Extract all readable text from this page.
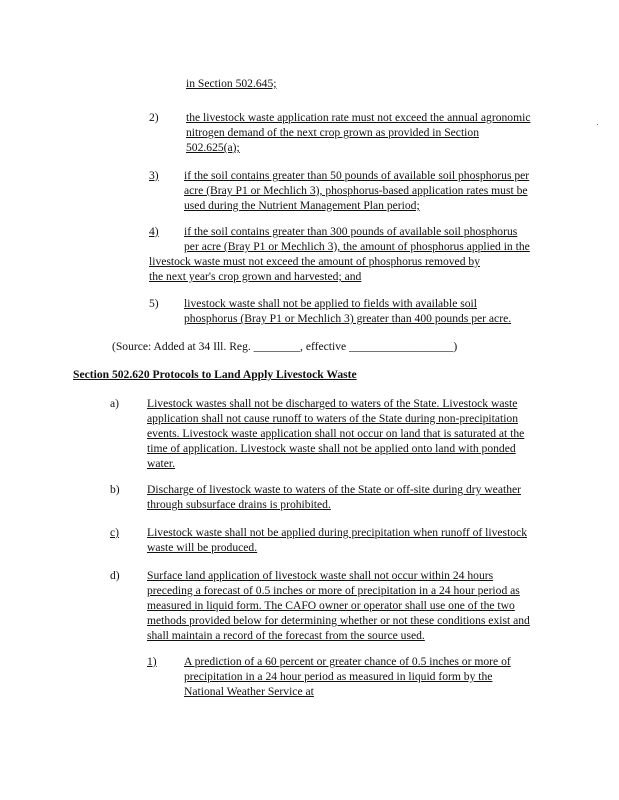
in Section 502.645;
2) the livestock waste application rate must not exceed the annual agronomic
nitrogen demand of the next crop grown as provided in Section
502.625(a);
3) if the soil contains greater than 50 pounds of available soil phosphorus per
acre (Bray P1 or Mechlich 3), phosphorus-based application rates must be
used during the Nutrient Management Plan period;
4) if the soil contains greater than 300 pounds of available soil phosphorus
per acre (Bray P1 or Mechlich 3), the amount of phosphorus applied in the
livestock waste must not exceed the amount of phosphorus removed by
the next year's crop grown and harvested; and
5) livestock waste shall not be applied to fields with available soil
phosphorus (Bray P1 or Mechlich 3) greater than 400 pounds per acre.
(Source: Added at 34 Ill. Reg. ________, effective __________________)
Section 502.620 Protocols to Land Apply Livestock Waste
a) Livestock wastes shall not be discharged to waters of the State. Livestock waste
application shall not cause runoff to waters of the State during non-precipitation
events. Livestock waste application shall not occur on land that is saturated at the
time of application. Livestock waste shall not be applied onto land with ponded
water.
b) Discharge of livestock waste to waters of the State or off-site during dry weather
through subsurface drains is prohibited.
c) Livestock waste shall not be applied during precipitation when runoff of livestock
waste will be produced.
d) Surface land application of livestock waste shall not occur within 24 hours
preceding a forecast of 0.5 inches or more of precipitation in a 24 hour period as
measured in liquid form. The CAFO owner or operator shall use one of the two
methods provided below for determining whether or not these conditions exist and
shall maintain a record of the forecast from the source used.
1) A prediction of a 60 percent or greater chance of 0.5 inches or more of
precipitation in a 24 hour period as measured in liquid form by the
National Weather Service at
